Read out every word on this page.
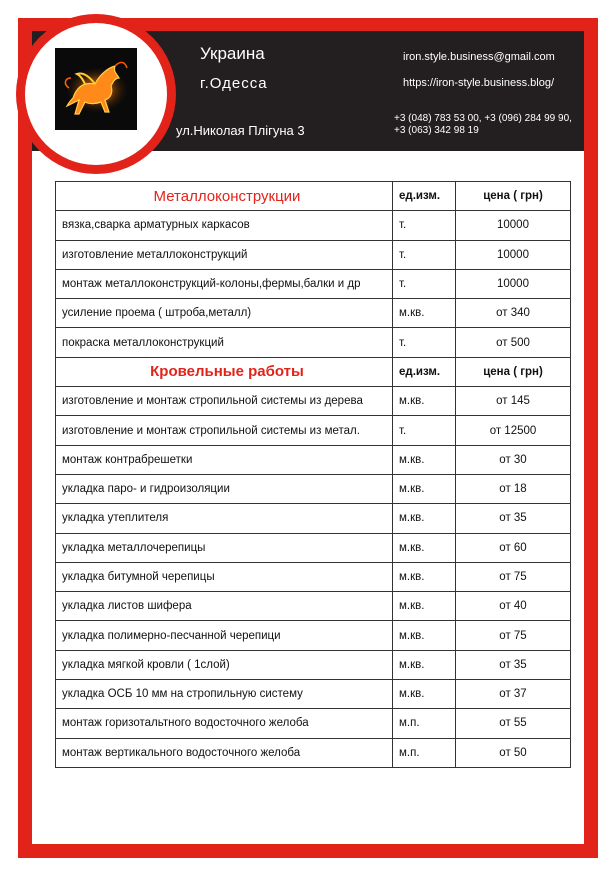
Украина
г.Одесса
ул.Николая Плiгуна 3
iron.style.business@gmail.com
https://iron-style.business.blog/
+3 (048) 783 53 00, +3 (096) 284 99 90,
+3 (063) 342 98 19
Металлоконструкции	ед.изм.	цена ( грн)
вязка,сварка арматурных каркасов	т.	10000
изготовление металлоконструкций	т.	10000
монтаж металлоконструкций-колоны,фермы,балки и др	т.	10000
усиление проема ( штроба,металл)	м.кв.	от 340
покраска металлоконструкций	т.	от 500
Кровельные работы	ед.изм.	цена ( грн)
изготовление и монтаж стропильной системы из дерева	м.кв.	от 145
изготовление и монтаж стропильной системы из метал.	т.	от 12500
монтаж контрабрешетки	м.кв.	от 30
укладка паро- и гидроизоляции	м.кв.	от 18
укладка утеплителя	м.кв.	от 35
укладка металлочерепицы	м.кв.	от 60
укладка битумной черепицы	м.кв.	от 75
укладка листов шифера	м.кв.	от 40
укладка полимерно-песчанной черепици	м.кв.	от 75
укладка мягкой кровли ( 1слой)	м.кв.	от 35
укладка ОСБ 10 мм на стропильную систему	м.кв.	от 37
монтаж горизотальтного водосточного желоба	м.п.	от 55
монтаж вертикального водосточного желоба	м.п.	от 50
